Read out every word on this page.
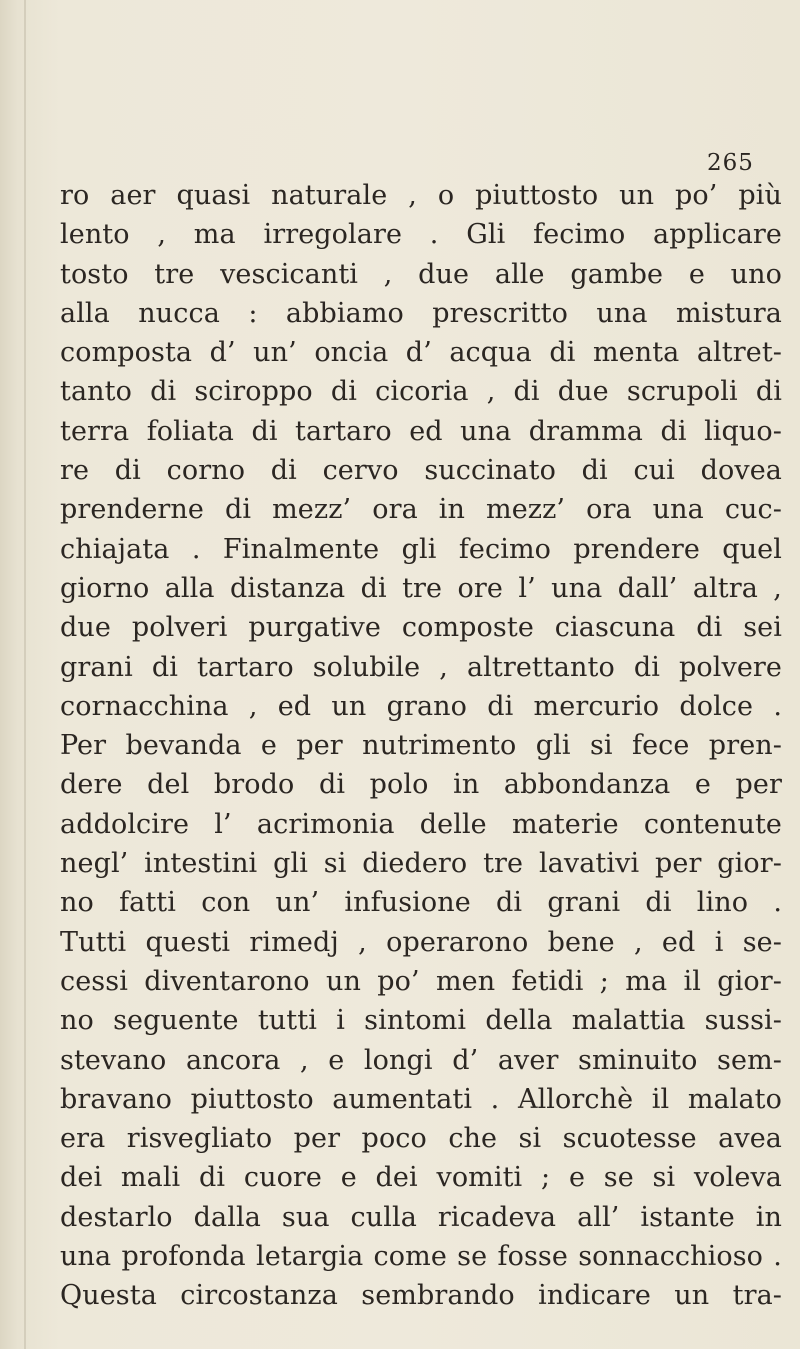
265
ro aer quasi naturale , o piuttosto un po’ più
lento , ma irregolare . Gli fecimo applicare
tosto tre vescicanti , due alle gambe e uno
alla nucca : abbiamo prescritto una mistura
composta d’ un’ oncia d’ acqua di menta altret-
tanto di sciroppo di cicoria , di due scrupoli di
terra foliata di tartaro ed una dramma di liquo-
re di corno di cervo succinato di cui dovea
prenderne di mezz’ ora in mezz’ ora una cuc-
chiajata . Finalmente gli fecimo prendere quel
giorno alla distanza di tre ore l’ una dall’ altra ,
due polveri purgative composte ciascuna di sei
grani di tartaro solubile , altrettanto di polvere
cornacchina , ed un grano di mercurio dolce .
Per bevanda e per nutrimento gli si fece pren-
dere del brodo di polo in abbondanza e per
addolcire l’ acrimonia delle materie contenute
negl’ intestini gli si diedero tre lavativi per gior-
no fatti con un’ infusione di grani di lino .
Tutti questi rimedj , operarono bene , ed i se-
cessi diventarono un po’ men fetidi ; ma il gior-
no seguente tutti i sintomi della malattia sussi-
stevano ancora , e longi d’ aver sminuito sem-
bravano piuttosto aumentati . Allorchè il malato
era risvegliato per poco che si scuotesse avea
dei mali di cuore e dei vomiti ; e se si voleva
destarlo dalla sua culla ricadeva all’ istante in
una profonda letargia come se fosse sonnacchioso .
Questa circostanza sembrando indicare un tra-
